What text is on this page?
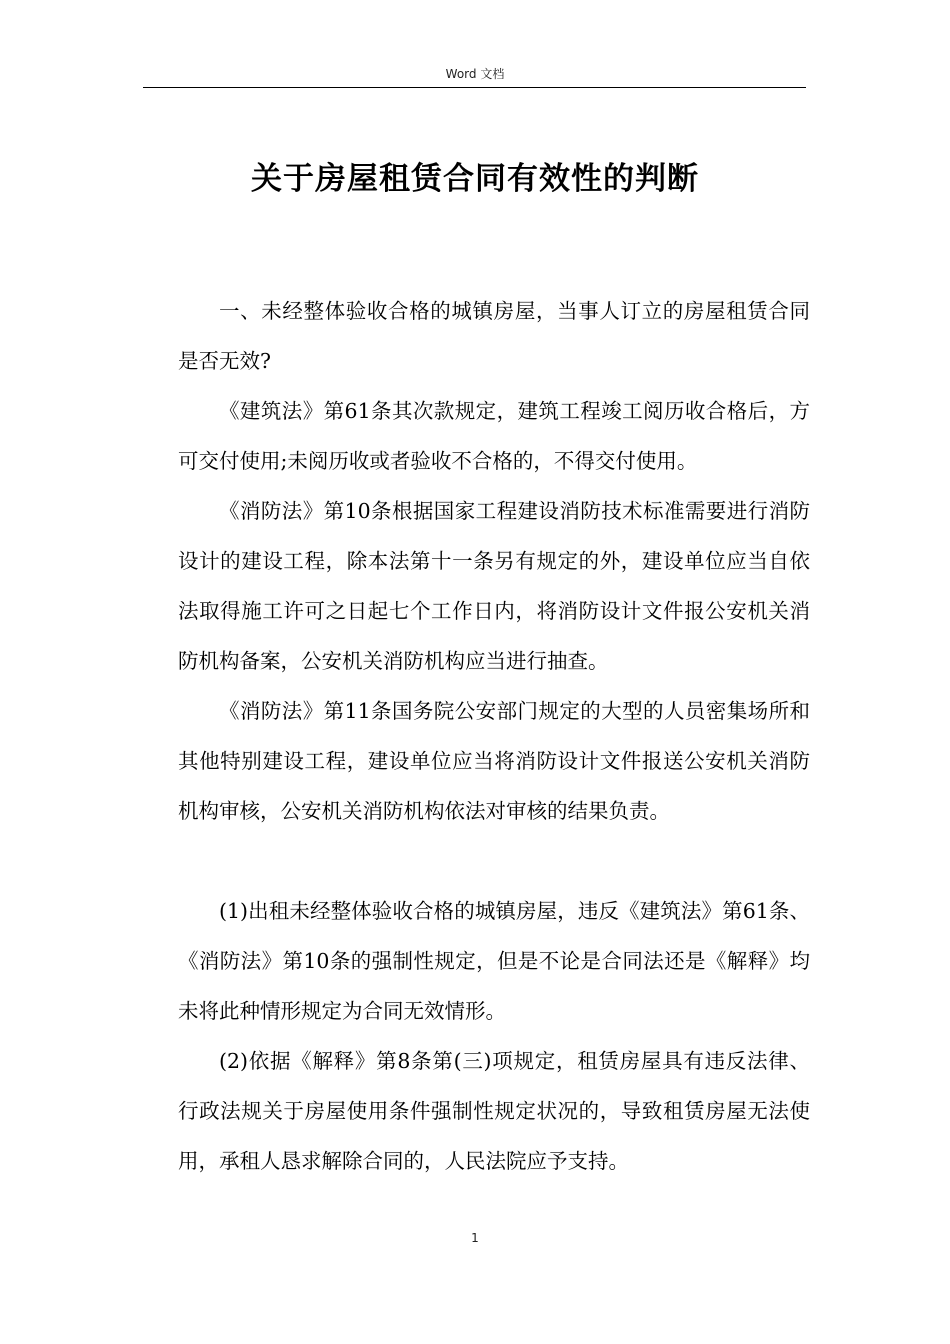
Word 文档
关于房屋租赁合同有效性的判断

一、未经整体验收合格的城镇房屋，当事人订立的房屋租赁合同是否无效?

《建筑法》第61条其次款规定，建筑工程竣工阅历收合格后，方可交付使用;未阅历收或者验收不合格的，不得交付使用。

《消防法》第10条根据国家工程建设消防技术标准需要进行消防设计的建设工程，除本法第十一条另有规定的外，建设单位应当自依法取得施工许可之日起七个工作日内，将消防设计文件报公安机关消防机构备案，公安机关消防机构应当进行抽查。

《消防法》第11条国务院公安部门规定的大型的人员密集场所和其他特别建设工程，建设单位应当将消防设计文件报送公安机关消防机构审核，公安机关消防机构依法对审核的结果负责。

(1)出租未经整体验收合格的城镇房屋，违反《建筑法》第61条、《消防法》第10条的强制性规定，但是不论是合同法还是《解释》均未将此种情形规定为合同无效情形。

(2)依据《解释》第8条第(三)项规定，租赁房屋具有违反法律、行政法规关于房屋使用条件强制性规定状况的，导致租赁房屋无法使用，承租人恳求解除合同的，人民法院应予支持。

1
